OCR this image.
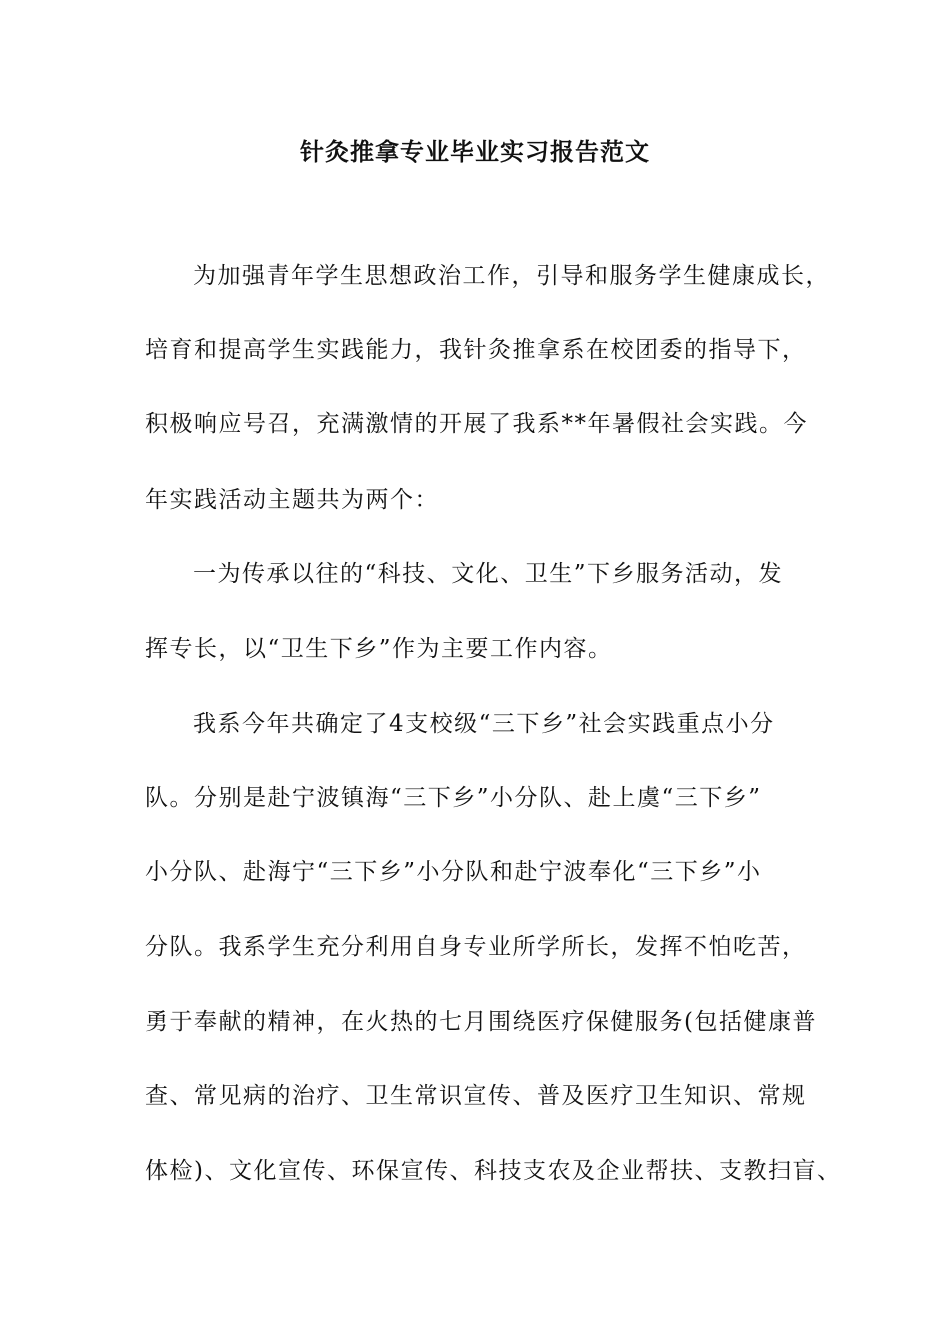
针灸推拿专业毕业实习报告范文
为加强青年学生思想政治工作，引导和服务学生健康成长，
培育和提高学生实践能力，我针灸推拿系在校团委的指导下，
积极响应号召，充满激情的开展了我系**年暑假社会实践。今
年实践活动主题共为两个：
一为传承以往的“科技、文化、卫生”下乡服务活动，发
挥专长，以“卫生下乡”作为主要工作内容。
我系今年共确定了4支校级“三下乡”社会实践重点小分
队。分别是赴宁波镇海“三下乡”小分队、赴上虞“三下乡”
小分队、赴海宁“三下乡”小分队和赴宁波奉化“三下乡”小
分队。我系学生充分利用自身专业所学所长，发挥不怕吃苦，
勇于奉献的精神，在火热的七月围绕医疗保健服务(包括健康普
查、常见病的治疗、卫生常识宣传、普及医疗卫生知识、常规
体检)、文化宣传、环保宣传、科技支农及企业帮扶、支教扫盲、
